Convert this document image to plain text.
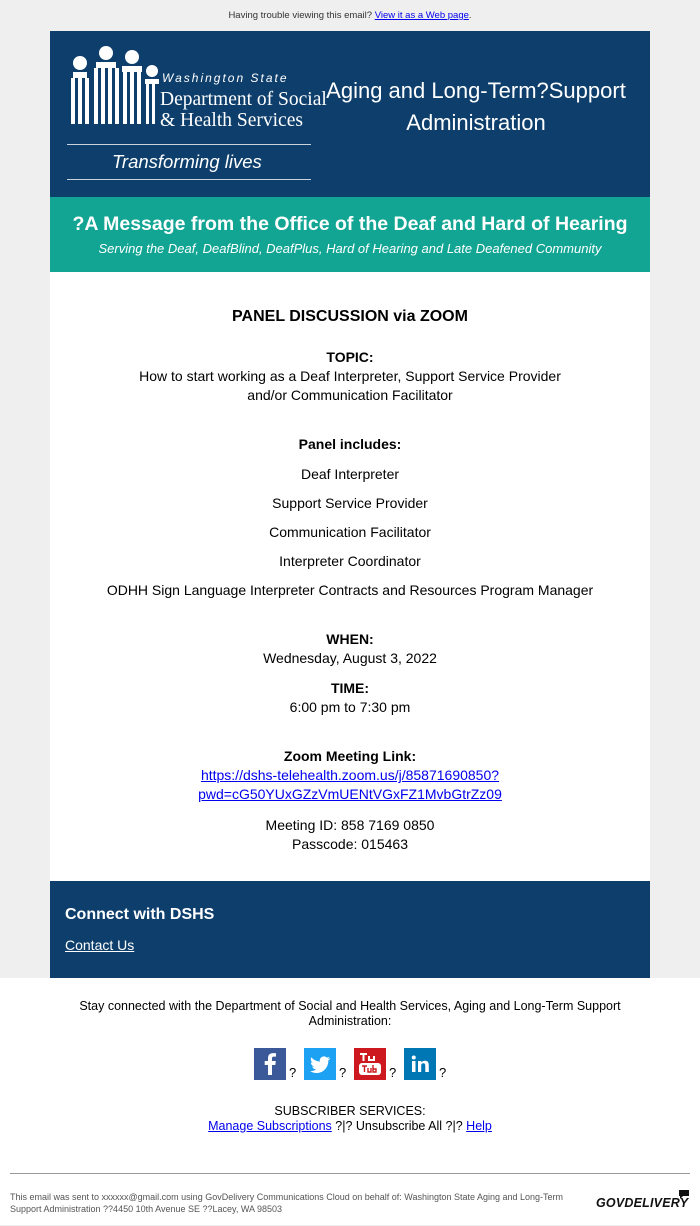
Having trouble viewing this email? View it as a Web page.
Washington State
Department of Social
& Health Services
Transforming lives
Aging and Long-Term?Support Administration
?A Message from the Office of the Deaf and Hard of Hearing

Serving the Deaf, DeafBlind, DeafPlus, Hard of Hearing and Late Deafened Community

PANEL DISCUSSION via ZOOM

TOPIC:
How to start working as a Deaf Interpreter, Support Service Provider
and/or Communication Facilitator
Panel includes:
Deaf Interpreter
Support Service Provider
Communication Facilitator
Interpreter Coordinator
ODHH Sign Language Interpreter Contracts and Resources Program Manager
WHEN:
Wednesday, August 3, 2022
TIME:
6:00 pm to 7:30 pm
Zoom Meeting Link:
https://dshs-telehealth.zoom.us/j/85871690850?
pwd=cG50YUxGZzVmUENtVGxFZ1MvbGtrZz09
Meeting ID: 858 7169 0850
Passcode: 015463
Connect with DSHS
Contact Us
Stay connected with the Department of Social and Health Services, Aging and Long-Term Support Administration:
?	?	?	?
SUBSCRIBER SERVICES:
Manage Subscriptions ?|? Unsubscribe All ?|? Help
This email was sent to xxxxxx@gmail.com using GovDelivery Communications Cloud on behalf of: Washington State Aging and Long-Term Support Administration ??4450 10th Avenue SE ??Lacey, WA 98503	GOVDELIVERY
